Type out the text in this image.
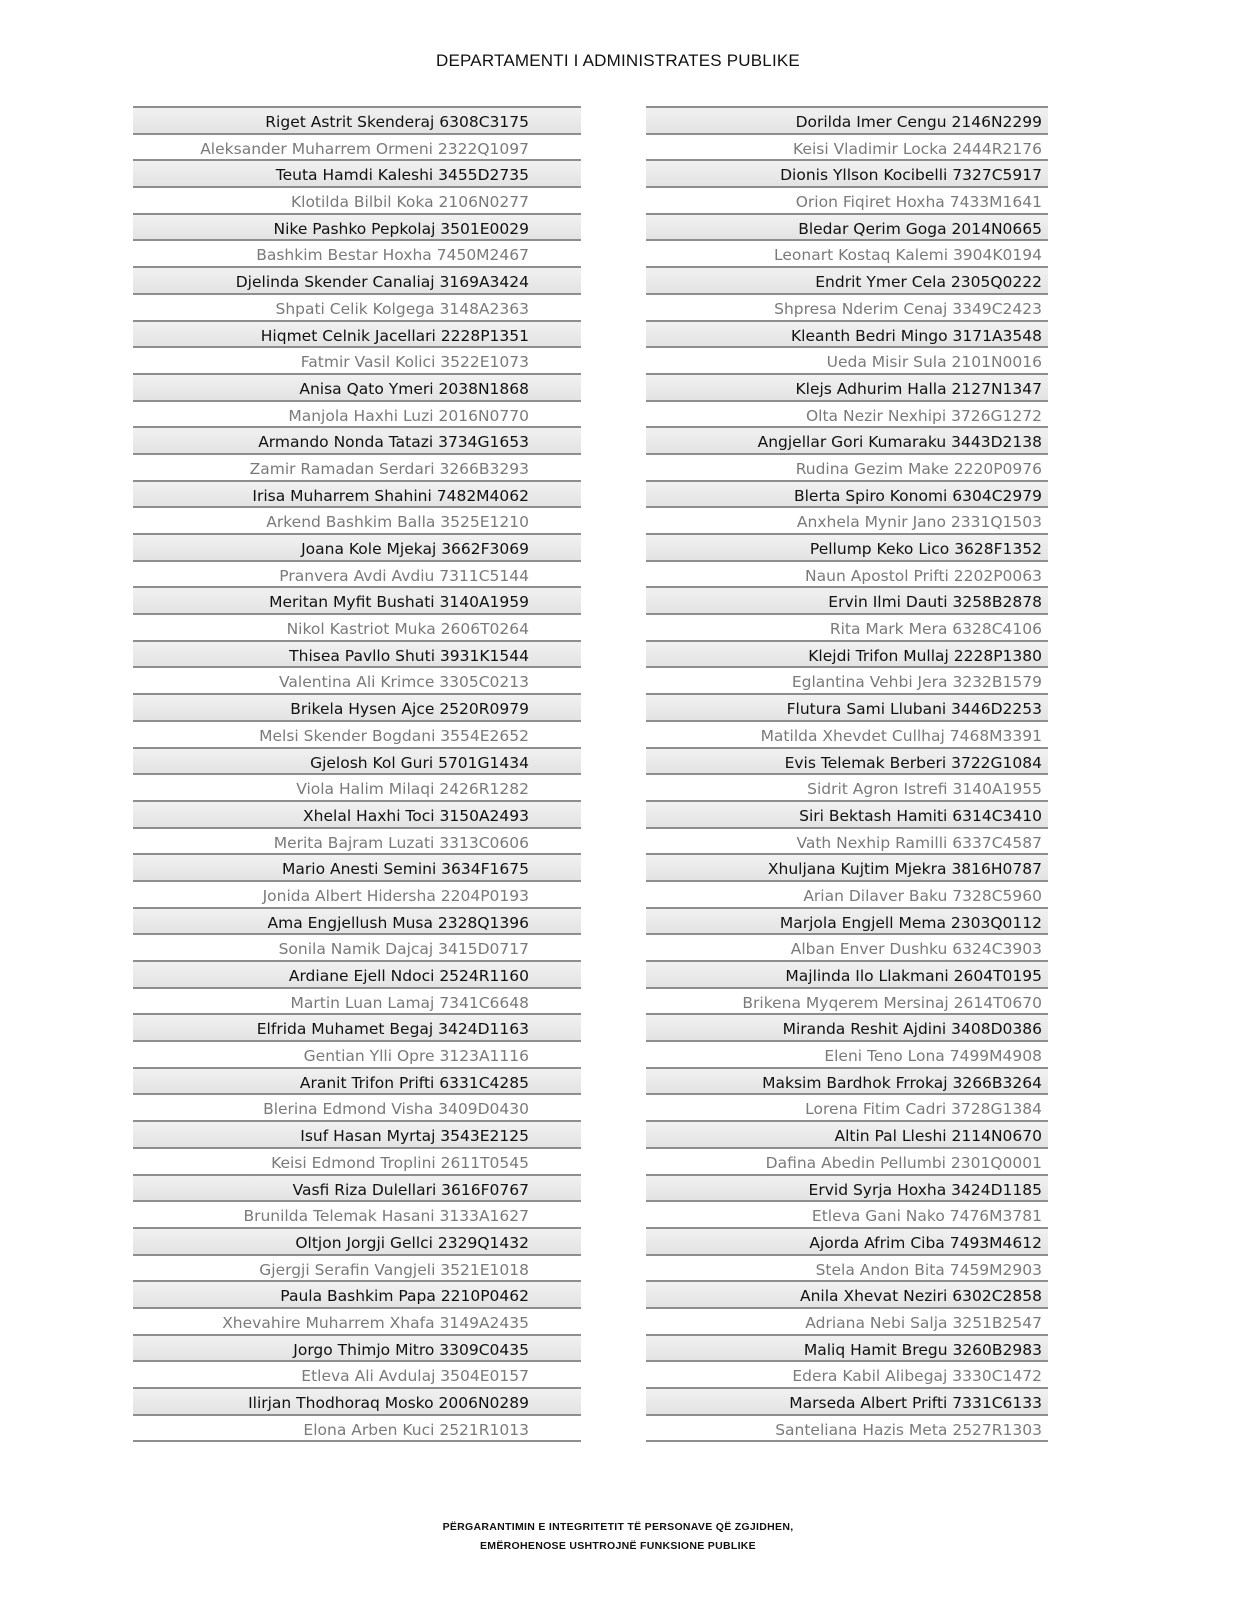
DEPARTAMENTI I ADMINISTRATES PUBLIKE
Riget Astrit Skenderaj 6308C3175
Aleksander Muharrem Ormeni 2322Q1097
Teuta Hamdi Kaleshi 3455D2735
Klotilda Bilbil Koka 2106N0277
Nike Pashko Pepkolaj 3501E0029
Bashkim Bestar Hoxha 7450M2467
Djelinda Skender Canaliaj 3169A3424
Shpati Celik Kolgega 3148A2363
Hiqmet Celnik Jacellari 2228P1351
Fatmir Vasil Kolici 3522E1073
Anisa Qato Ymeri 2038N1868
Manjola Haxhi Luzi 2016N0770
Armando Nonda Tatazi 3734G1653
Zamir Ramadan Serdari 3266B3293
Irisa Muharrem Shahini 7482M4062
Arkend Bashkim Balla 3525E1210
Joana Kole Mjekaj 3662F3069
Pranvera Avdi Avdiu 7311C5144
Meritan Myfit Bushati 3140A1959
Nikol Kastriot Muka 2606T0264
Thisea Pavllo Shuti 3931K1544
Valentina Ali Krimce 3305C0213
Brikela Hysen Ajce 2520R0979
Melsi Skender Bogdani 3554E2652
Gjelosh Kol Guri 5701G1434
Viola Halim Milaqi 2426R1282
Xhelal Haxhi Toci 3150A2493
Merita Bajram Luzati 3313C0606
Mario Anesti Semini 3634F1675
Jonida Albert Hidersha 2204P0193
Ama Engjellush Musa 2328Q1396
Sonila Namik Dajcaj 3415D0717
Ardiane Ejell Ndoci 2524R1160
Martin Luan Lamaj 7341C6648
Elfrida Muhamet Begaj 3424D1163
Gentian Ylli Opre 3123A1116
Aranit Trifon Prifti 6331C4285
Blerina Edmond Visha 3409D0430
Isuf Hasan Myrtaj 3543E2125
Keisi Edmond Troplini 2611T0545
Vasfi Riza Dulellari 3616F0767
Brunilda Telemak Hasani 3133A1627
Oltjon Jorgji Gellci 2329Q1432
Gjergji Serafin Vangjeli 3521E1018
Paula Bashkim Papa 2210P0462
Xhevahire Muharrem Xhafa 3149A2435
Jorgo Thimjo Mitro 3309C0435
Etleva Ali Avdulaj 3504E0157
Ilirjan Thodhoraq Mosko 2006N0289
Elona Arben Kuci 2521R1013
Dorilda Imer Cengu 2146N2299
Keisi Vladimir Locka 2444R2176
Dionis Yllson Kocibelli 7327C5917
Orion Fiqiret Hoxha 7433M1641
Bledar Qerim Goga 2014N0665
Leonart Kostaq Kalemi 3904K0194
Endrit Ymer Cela 2305Q0222
Shpresa Nderim Cenaj 3349C2423
Kleanth Bedri Mingo 3171A3548
Ueda Misir Sula 2101N0016
Klejs Adhurim Halla 2127N1347
Olta Nezir Nexhipi 3726G1272
Angjellar Gori Kumaraku 3443D2138
Rudina Gezim Make 2220P0976
Blerta Spiro Konomi 6304C2979
Anxhela Mynir Jano 2331Q1503
Pellump Keko Lico 3628F1352
Naun Apostol Prifti 2202P0063
Ervin Ilmi Dauti 3258B2878
Rita Mark Mera 6328C4106
Klejdi Trifon Mullaj 2228P1380
Eglantina Vehbi Jera 3232B1579
Flutura Sami Llubani 3446D2253
Matilda Xhevdet Cullhaj 7468M3391
Evis Telemak Berberi 3722G1084
Sidrit Agron Istrefi 3140A1955
Siri Bektash Hamiti 6314C3410
Vath Nexhip Ramilli 6337C4587
Xhuljana Kujtim Mjekra 3816H0787
Arian Dilaver Baku 7328C5960
Marjola Engjell Mema 2303Q0112
Alban Enver Dushku 6324C3903
Majlinda Ilo Llakmani 2604T0195
Brikena Myqerem Mersinaj 2614T0670
Miranda Reshit Ajdini 3408D0386
Eleni Teno Lona 7499M4908
Maksim Bardhok Frrokaj 3266B3264
Lorena Fitim Cadri 3728G1384
Altin Pal Lleshi 2114N0670
Dafina Abedin Pellumbi 2301Q0001
Ervid Syrja Hoxha 3424D1185
Etleva Gani Nako 7476M3781
Ajorda Afrim Ciba 7493M4612
Stela Andon Bita 7459M2903
Anila Xhevat Neziri 6302C2858
Adriana Nebi Salja 3251B2547
Maliq Hamit Bregu 3260B2983
Edera Kabil Alibegaj 3330C1472
Marseda Albert Prifti 7331C6133
Santeliana Hazis Meta 2527R1303
PËRGARANTIMIN E INTEGRITETIT TË PERSONAVE QË ZGJIDHEN,
EMËROHENOSE USHTROJNË FUNKSIONE PUBLIKE
